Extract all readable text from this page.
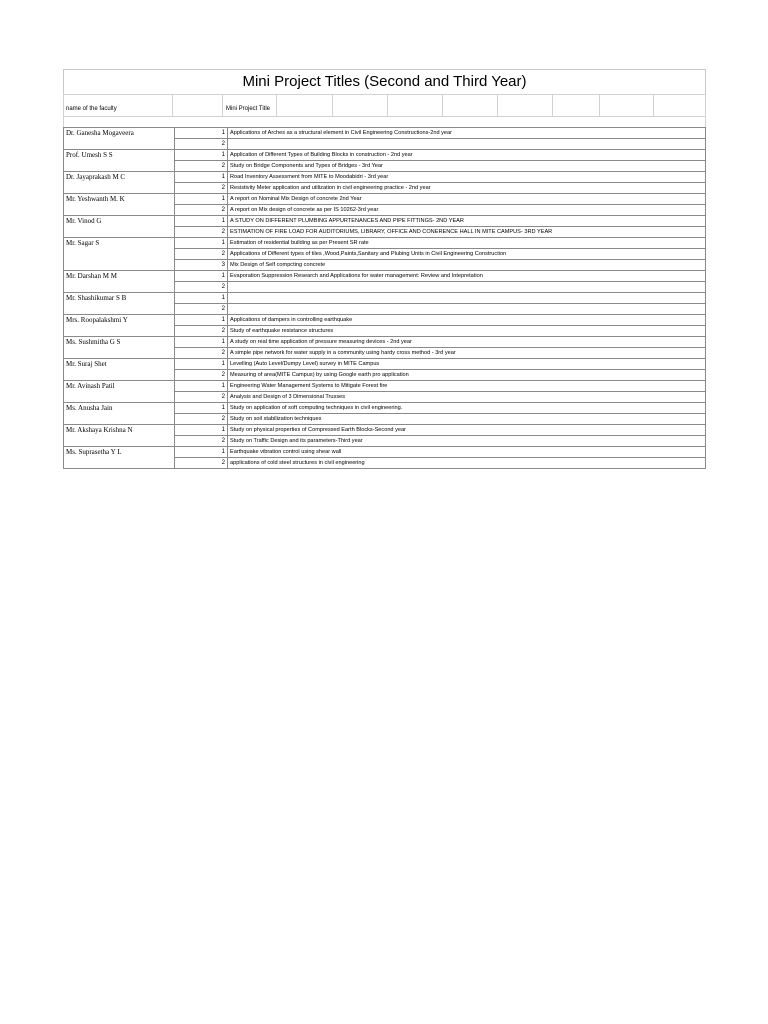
Mini Project Titles (Second and Third Year)
name of the faculty	Mini Project Title
Dr. Ganesha Mogaveera	1	Applications of Arches as a structural element in Civil Engineering Constructions-2nd year
	2	
Prof. Umesh S S	1	Application of Different Types of Building Blocks in construction - 2nd year
	2	Study on Bridge Components and Types of Bridges - 3rd Year
Dr. Jayaprakash M C	1	Road Inventory Assessment from MITE to Moodabidri - 3rd year
	2	Resistivity Meter application and utilization in civil engineering practice - 2nd year
Mr. Yeshwanth M. K	1	A report on Nominal Mix Design of concrete 2nd Year
	2	A report on Mix design of concrete as per IS 10262-3rd year
Mr. Vinod G	1	A STUDY ON DIFFERENT PLUMBING APPURTENANCES AND PIPE FITTINGS- 2ND YEAR
	2	ESTIMATION OF FIRE LOAD FOR AUDITORIUMS, LIBRARY, OFFICE AND CONERENCE HALL IN MITE CAMPUS- 3RD YEAR
Mr. Sagar S	1	Estimation of residential building as per Present SR rate
	2	Applications of Different types of tiles ,Wood,Paints,Sanitary and Plubing Units in Civil Engineering Construction
	3	Mix Design of Self compcting concrete
Mr. Darshan M M	1	Evaporation Suppression Research and Applications for water management: Review and Intepretation
	2	
Mr. Shashikumar S B	1	
	2	
Mrs. Roopalakshmi Y	1	Applications of dampers in controlling earthquake
	2	Study of earthquake resistance structures
Ms. Sushmitha G S	1	A study on real time application of pressure measuring devices - 2nd year
	2	A simple pipe network for water supply in a community using hardy cross method - 3rd year
Mr. Suraj Shet	1	Levelling (Auto Level/Dumpy Level) survey in MITE Campus
	2	Measuring of area(MITE Campus) by using Google earth pro application
Mr. Avinash Patil	1	Engineering Water Management Systems to Mitigate Forest fire
	2	Analysis and Design of 3 Dimensional Trusses
Ms. Anusha Jain	1	Study on application of soft computing techniques in civil engineering.
	2	Study on soil stabilization techniques
Mr. Akshaya Krishna N	1	Study on physical properties of Compressed Earth Blocks-Second year
	2	Study on Traffic Design and its parameters-Third year
Ms. Suprasetha Y L	1	Earthquake vibration control using shear wall
	2	applications of cold steel structures in civil engineering
